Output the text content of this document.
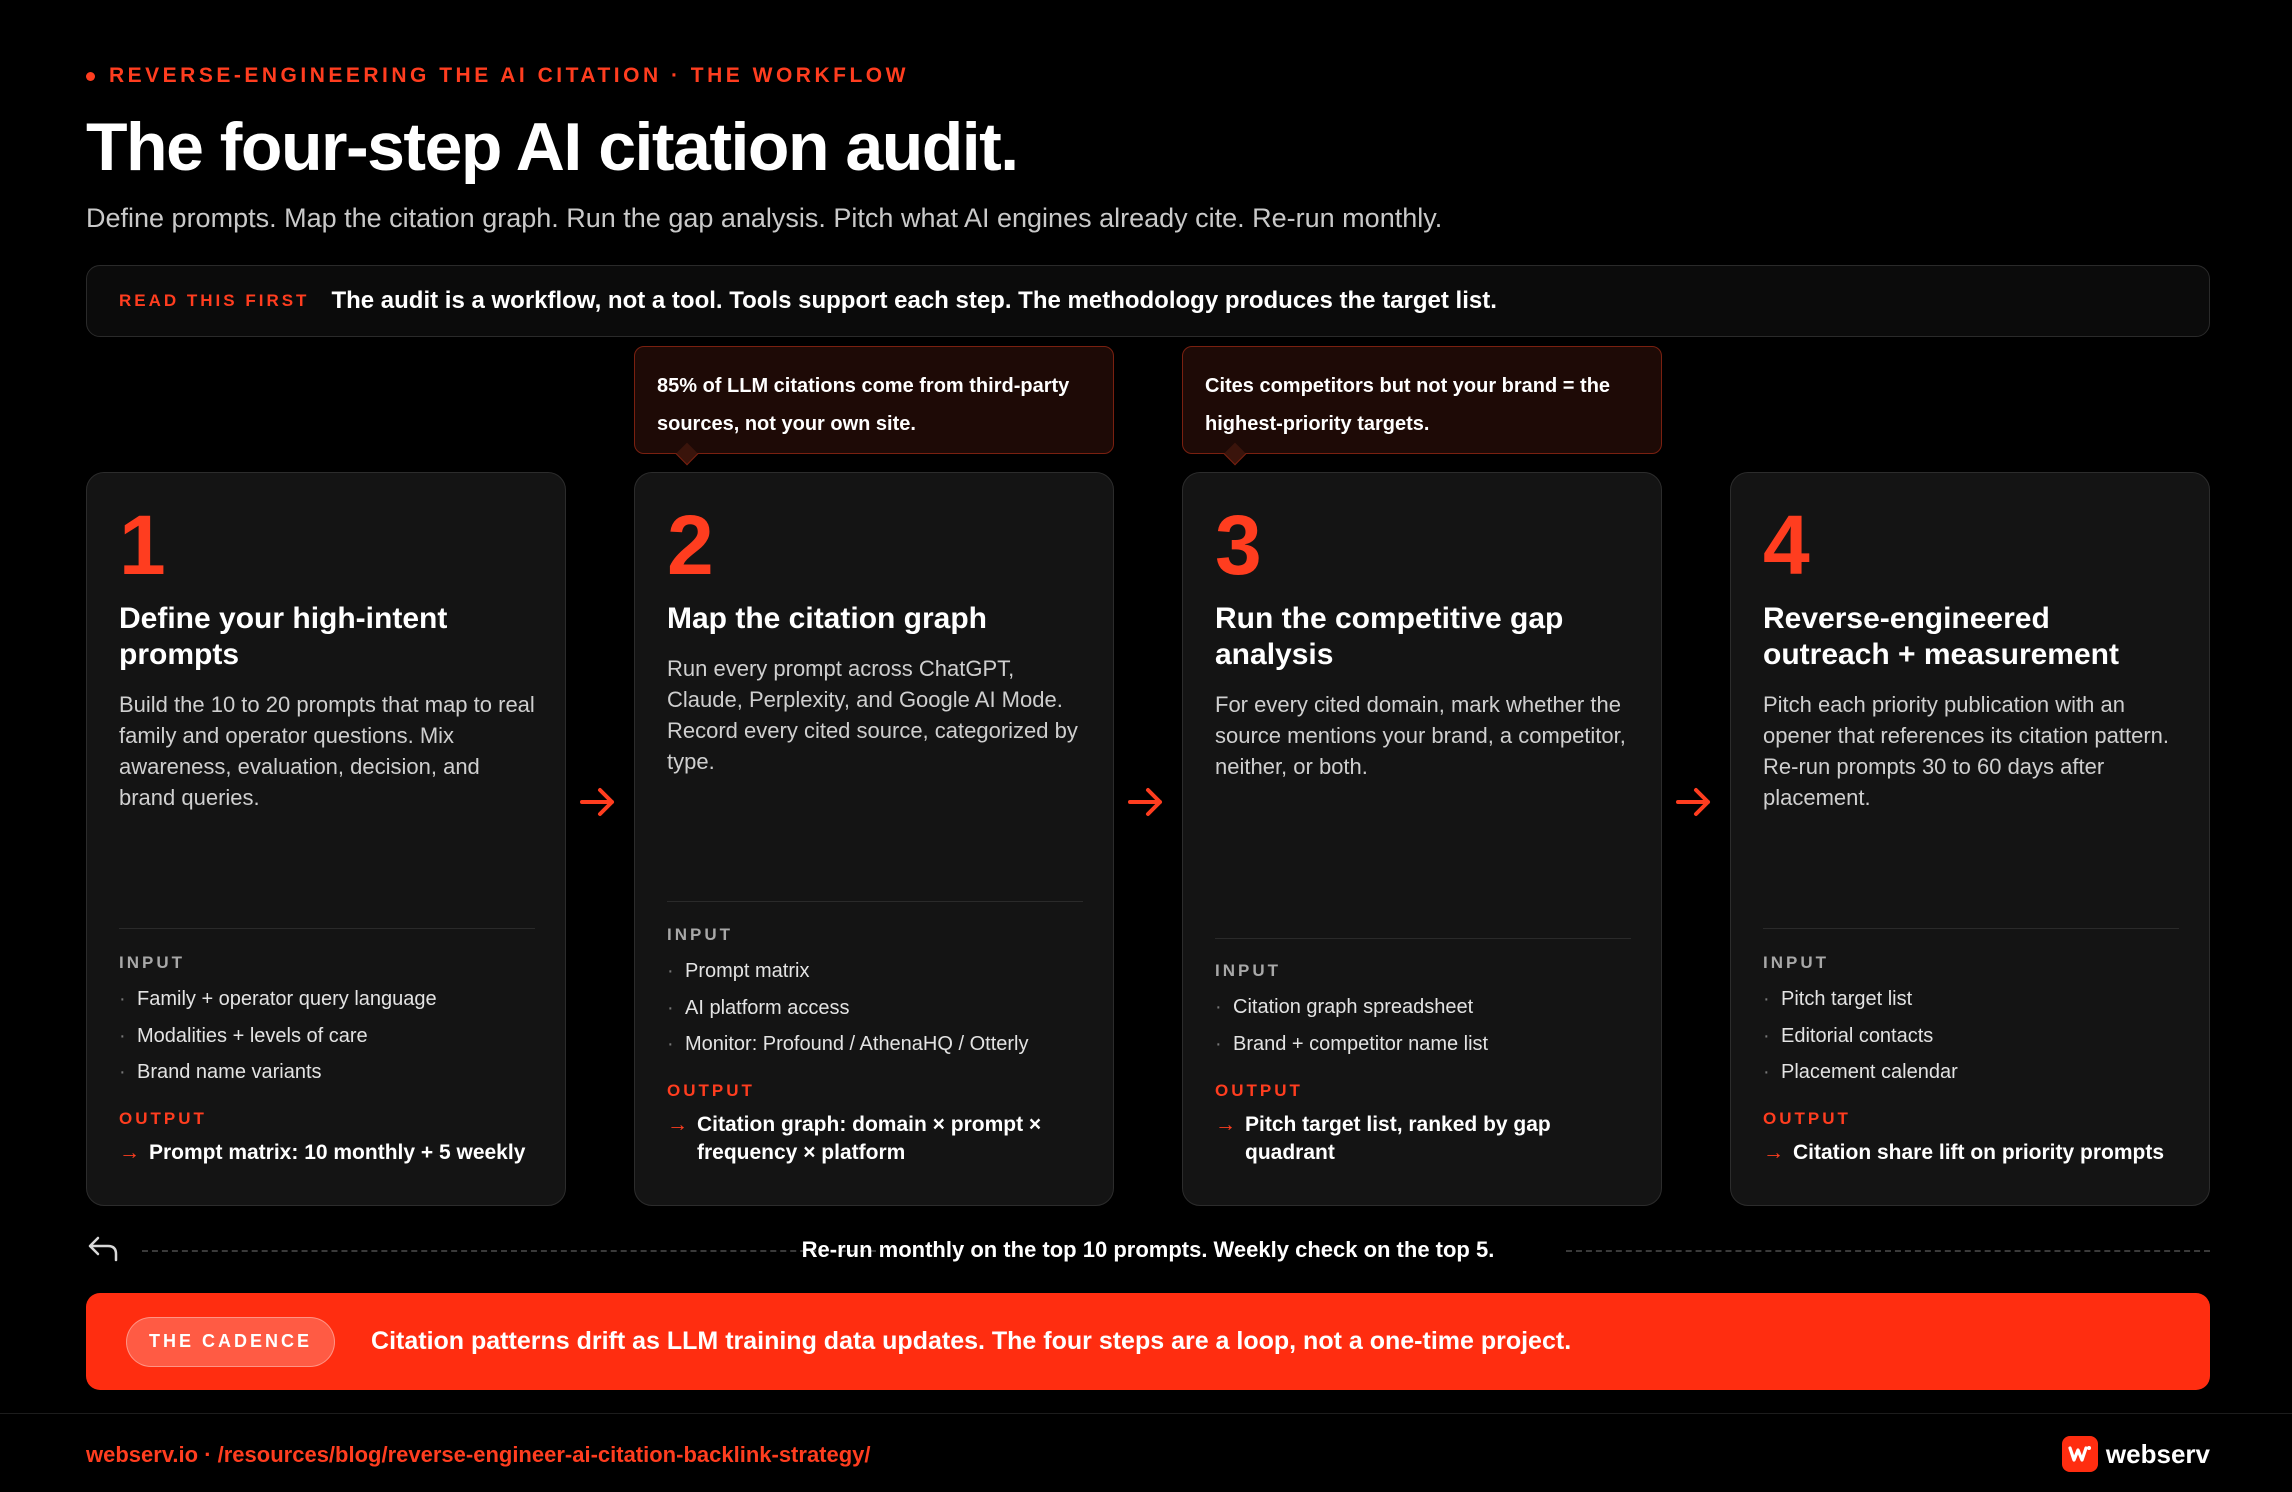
REVERSE-ENGINEERING THE AI CITATION · THE WORKFLOW
The four-step AI citation audit.
Define prompts. Map the citation graph. Run the gap analysis. Pitch what AI engines already cite. Re-run monthly.
READ THIS FIRST The audit is a workflow, not a tool. Tools support each step. The methodology produces the target list.
85% of LLM citations come from third-party
sources, not your own site.
Cites competitors but not your brand = the
highest-priority targets.
1
Define your high-intent prompts
Build the 10 to 20 prompts that map to real family and operator questions. Mix awareness, evaluation, decision, and brand queries.
INPUT
· Family + operator query language
· Modalities + levels of care
· Brand name variants
OUTPUT
→ Prompt matrix: 10 monthly + 5 weekly
2
Map the citation graph
Run every prompt across ChatGPT, Claude, Perplexity, and Google AI Mode. Record every cited source, categorized by type.
INPUT
· Prompt matrix
· AI platform access
· Monitor: Profound / AthenaHQ / Otterly
OUTPUT
→ Citation graph: domain × prompt × frequency × platform
3
Run the competitive gap analysis
For every cited domain, mark whether the source mentions your brand, a competitor, neither, or both.
INPUT
· Citation graph spreadsheet
· Brand + competitor name list
OUTPUT
→ Pitch target list, ranked by gap quadrant
4
Reverse-engineered outreach + measurement
Pitch each priority publication with an opener that references its citation pattern. Re-run prompts 30 to 60 days after placement.
INPUT
· Pitch target list
· Editorial contacts
· Placement calendar
OUTPUT
→ Citation share lift on priority prompts
Re-run monthly on the top 10 prompts. Weekly check on the top 5.
THE CADENCE	Citation patterns drift as LLM training data updates. The four steps are a loop, not a one-time project.
webserv.io · /resources/blog/reverse-engineer-ai-citation-backlink-strategy/	webserv
